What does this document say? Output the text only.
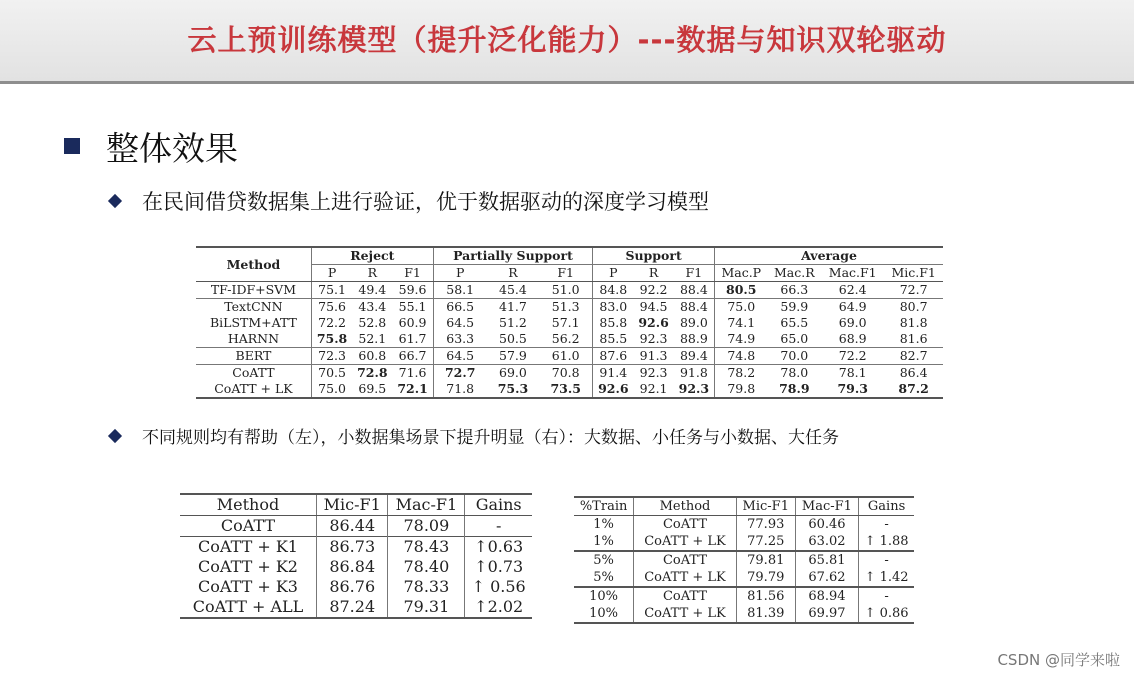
云上预训练模型（提升泛化能力）---数据与知识双轮驱动
整体效果
在民间借贷数据集上进行验证，优于数据驱动的深度学习模型
Method	Reject			Partially Support			Support			Average			
	P	R	F1	P	R	F1	P	R	F1	Mac.P	Mac.R	Mac.F1	Mic.F1
TF-IDF+SVM	75.1	49.4	59.6	58.1	45.4	51.0	84.8	92.2	88.4	80.5	66.3	62.4	72.7
TextCNN	75.6	43.4	55.1	66.5	41.7	51.3	83.0	94.5	88.4	75.0	59.9	64.9	80.7
BiLSTM+ATT	72.2	52.8	60.9	64.5	51.2	57.1	85.8	92.6	89.0	74.1	65.5	69.0	81.8
HARNN	75.8	52.1	61.7	63.3	50.5	56.2	85.5	92.3	88.9	74.9	65.0	68.9	81.6
BERT	72.3	60.8	66.7	64.5	57.9	61.0	87.6	91.3	89.4	74.8	70.0	72.2	82.7
CoATT	70.5	72.8	71.6	72.7	69.0	70.8	91.4	92.3	91.8	78.2	78.0	78.1	86.4
CoATT + LK	75.0	69.5	72.1	71.8	75.3	73.5	92.6	92.1	92.3	79.8	78.9	79.3	87.2
不同规则均有帮助（左），小数据集场景下提升明显（右）：大数据、小任务与小数据、大任务
Method	Mic-F1	Mac-F1	Gains
CoATT	86.44	78.09	-
CoATT + K1	86.73	78.43	↑0.63
CoATT + K2	86.84	78.40	↑0.73
CoATT + K3	86.76	78.33	↑ 0.56
CoATT + ALL	87.24	79.31	↑2.02
%Train	Method	Mic-F1	Mac-F1	Gains
1%	CoATT	77.93	60.46	-
1%	CoATT + LK	77.25	63.02	↑ 1.88
5%	CoATT	79.81	65.81	-
5%	CoATT + LK	79.79	67.62	↑ 1.42
10%	CoATT	81.56	68.94	-
10%	CoATT + LK	81.39	69.97	↑ 0.86
CSDN @同学来啦
